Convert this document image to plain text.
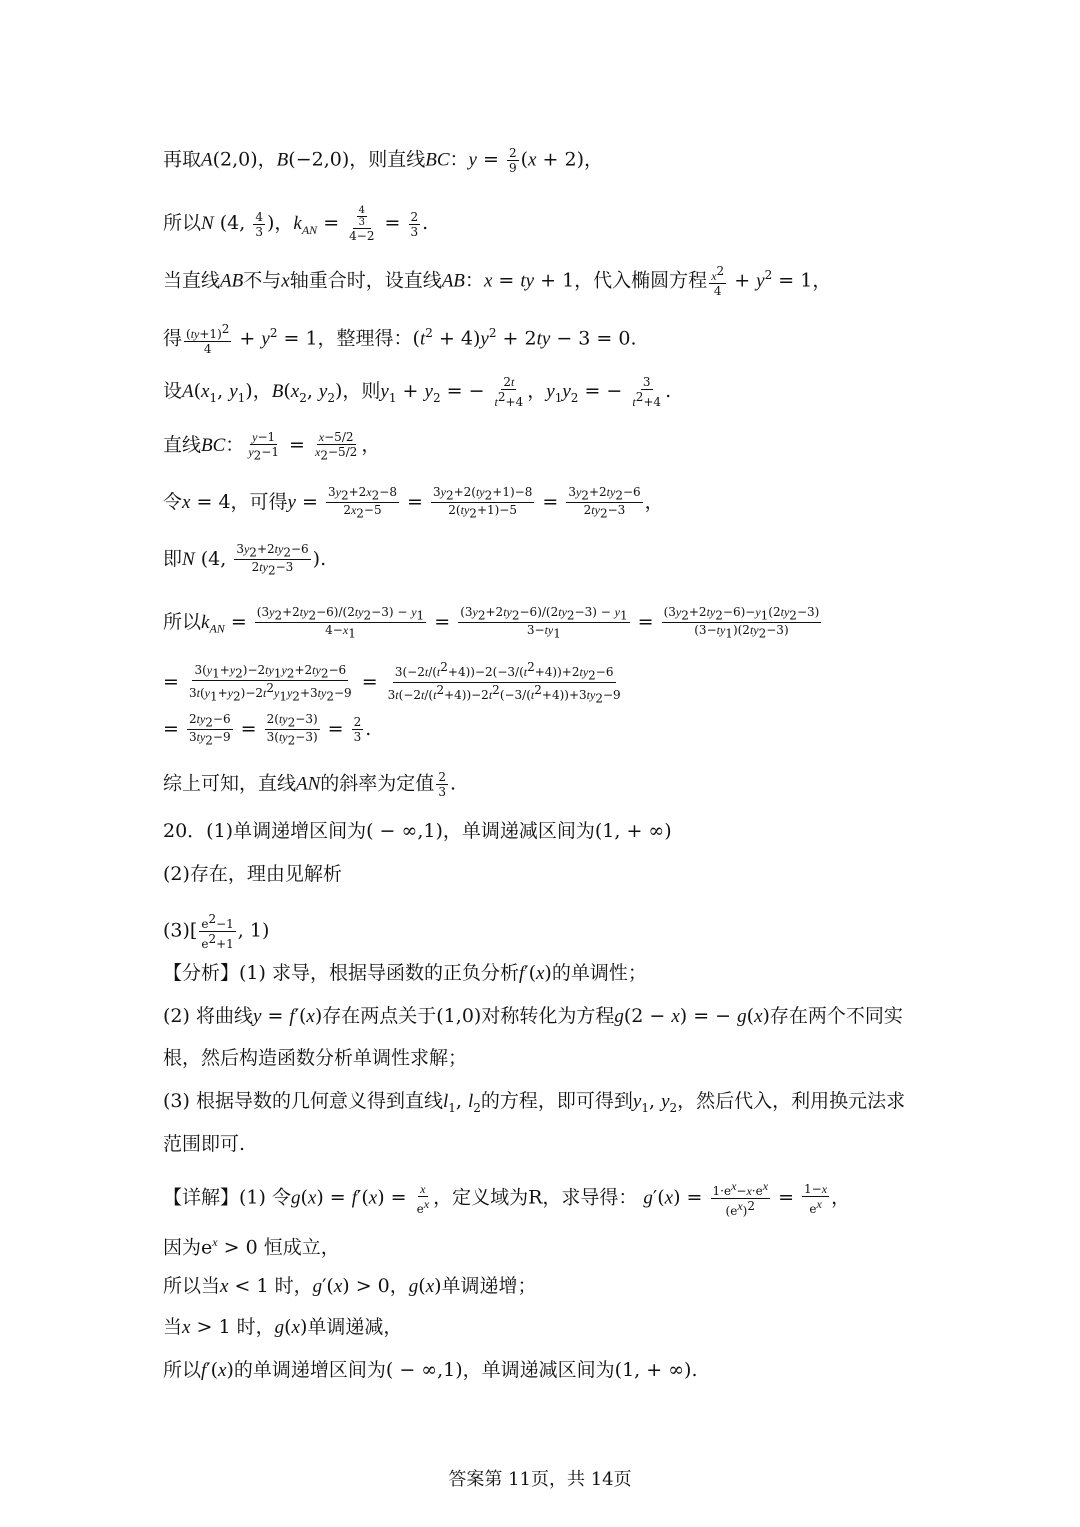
再取A(2,0)，B(−2,0)，则直线BC：$y = \frac{2}{9} (x + 2)$，
所以N (4, $\frac{4}{3}$ )，$k_{AN} = \frac{\frac{4}{3}}{4-2} = \frac{2}{3}$ .
当直线AB不与x轴重合时，设直线AB：x = ty + 1，代入椭圆方程 $\frac{x2}{4} + y^2 = 1$，
得 $\frac{(ty+1)2}{4} + y^2 = 1$，整理得：$(t^2 + 4)y^2 + 2ty - 3 = 0$.
设$A(x_1$, $y_1$)，$B(x_2$, $y_2$)，则$y_1 + y_2$ = − $\frac{2t}{t2+4}$ ，$y_1y_2$ = − $\frac{3}{t2+4}$ .
直线BC： $\frac{y-1}{y2-1} = \frac{x-5/2}{x2-5/2}$ ，
令x = 4，可得$y = \frac{3y2+2x2-8}{2x2-5} = \frac{3y2+2(ty2+1)-8}{2(ty2+1)-5} = \frac{3y2+2ty2-6}{2ty2-3}$ ，
即N (4, $\frac{3y2+2ty2-6}{2ty2-3}$ ).
所以$k_{AN} = \frac{(3y2+2ty2-6)/(2ty2-3) - y1}{4-x1} = \frac{(3y2+2ty2-6)/(2ty2-3) - y1}{3-ty1} = \frac{(3y2+2ty2-6)-y1(2ty2-3)}{(3-ty1)(2ty2-3)}$
= $\frac{3(y1+y2)-2ty1y2+2ty2-6}{3t(y1+y2)-2t2y1y2+3ty2-9} = \frac{3(-2t/(t2+4))-2(-3/(t2+4))+2ty2-6}{3t(-2t/(t2+4))-2t2(-3/(t2+4))+3ty2-9}$
= $\frac{2ty2-6}{3ty2-9} = \frac{2(ty2-3)}{3(ty2-3)} = \frac{2}{3}$ .
综上可知，直线AN的斜率为定值 $\frac{2}{3}$ .
20．(1)单调递增区间为( − ∞,1)，单调递减区间为(1, + ∞)
(2)存在，理由见解析
$(3)[ \frac{e2-1}{e2+1}$ , 1)
【分析】(1) 求导，根据导函数的正负分析f′(x)的单调性；
(2) 将曲线y = f′(x)存在两点关于(1,0)对称转化为方程g(2 − x) = − g(x)存在两个不同实
根，然后构造函数分析单调性求解；
(3) 根据导数的几何意义得到直线$l_1$, $l_2$的方程，即可得到$y_1$, $y_2$，然后代入，利用换元法求
范围即可.
【详解】(1) 令$g(x) = f'(x) = \frac{x}{ex}$ ，定义域为R，求导得： $g'(x) = \frac{1\cdot ex-x\cdot ex}{(ex)2} = \frac{1-x}{ex}$ ，
因为$e^x > 0$ 恒成立，
所以当x < 1 时，g′(x) > 0，g(x)单调递增；
当x > 1 时，g(x)单调递减，
所以f′(x)的单调递增区间为( − ∞,1)，单调递减区间为(1, + ∞).
答案第 11页，共 14页
